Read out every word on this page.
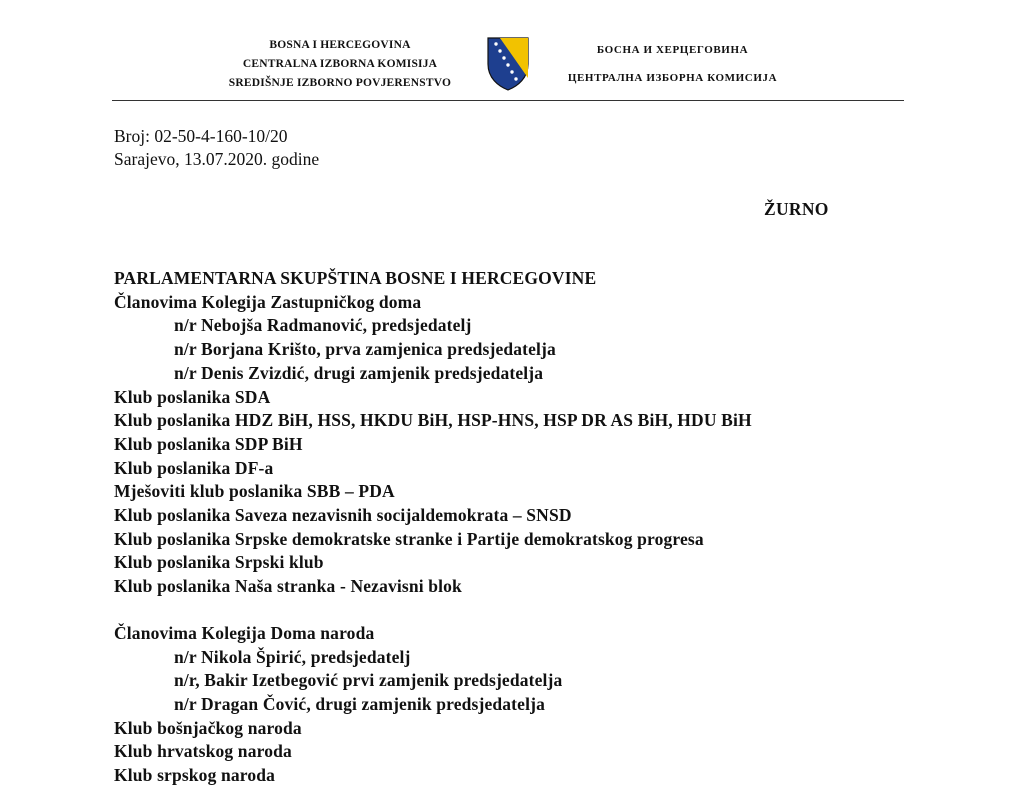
BOSNA I HERCEGOVINA
CENTRALNA IZBORNA KOMISIJA
SREDIŠNJE IZBORNO POVJERENSTVO
БОСНА И ХЕРЦЕГОВИНА
ЦЕНТРАЛНА ИЗБОРНА КОМИСИЈА
Broj: 02-50-4-160-10/20
Sarajevo, 13.07.2020. godine
ŽURNO
PARLAMENTARNA SKUPŠTINA BOSNE I HERCEGOVINE
Članovima Kolegija Zastupničkog doma
n/r Nebojša Radmanović, predsjedatelj
n/r Borjana Krišto, prva zamjenica predsjedatelja
n/r Denis Zvizdić, drugi zamjenik predsjedatelja
Klub poslanika SDA
Klub poslanika HDZ BiH, HSS, HKDU BiH, HSP-HNS, HSP DR AS BiH, HDU BiH
Klub poslanika SDP BiH
Klub poslanika DF-a
Mješoviti klub poslanika SBB – PDA
Klub poslanika Saveza nezavisnih socijaldemokrata – SNSD
Klub poslanika Srpske demokratske stranke i Partije demokratskog progresa
Klub poslanika Srpski klub
Klub poslanika Naša stranka - Nezavisni blok
Članovima Kolegija Doma naroda
n/r Nikola Špirić, predsjedatelj
n/r, Bakir Izetbegović prvi zamjenik predsjedatelja
n/r Dragan Čović, drugi zamjenik predsjedatelja
Klub bošnjačkog naroda
Klub hrvatskog naroda
Klub srpskog naroda
